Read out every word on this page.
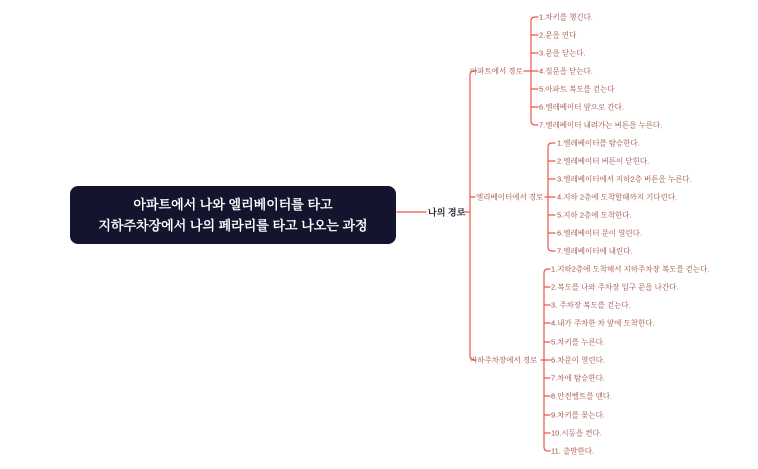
아파트에서 나와 엘리베이터를 타고
지하주차장에서 나의 페라리를 타고 나오는 과정
나의 경로
아파트에서 경로
엘리베이터에서 경로
지하주차장에서 경로
1.차키를 챙긴다.
2.문을 연다
3.문을 닫는다.
4.집문을 닫는다.
5.아파트 복도를 걷는다
6.엘레베이터 앞으로 간다.
7.엘레베이터 내려가는 버튼을 누른다.
1.엘레베이터를 탑승한다.
2.엘레베이터 버튼이 닫힌다.
3.엘레베이터에서 지하2층 버튼을 누른다.
4.지하 2층에 도착할때까지 기다린다.
5.지하 2층에 도착한다.
6.엘레베이터 문이 열린다.
7.엘레베이터에 내린다.
1.지하2층에 도착해서 지하주차장 복도를 걷는다.
2.복도를 나와 주차장 입구 문을 나간다.
3. 주차장 복도를 걷는다.
4.내가 주차한 차 앞에 도착한다.
5.차키를 누른다.
6.차문이 열린다.
7.차에 탑승한다.
8.안전벨트를 맨다.
9.차키를 꽂는다.
10.시동을 켠다.
11. 출발한다.
